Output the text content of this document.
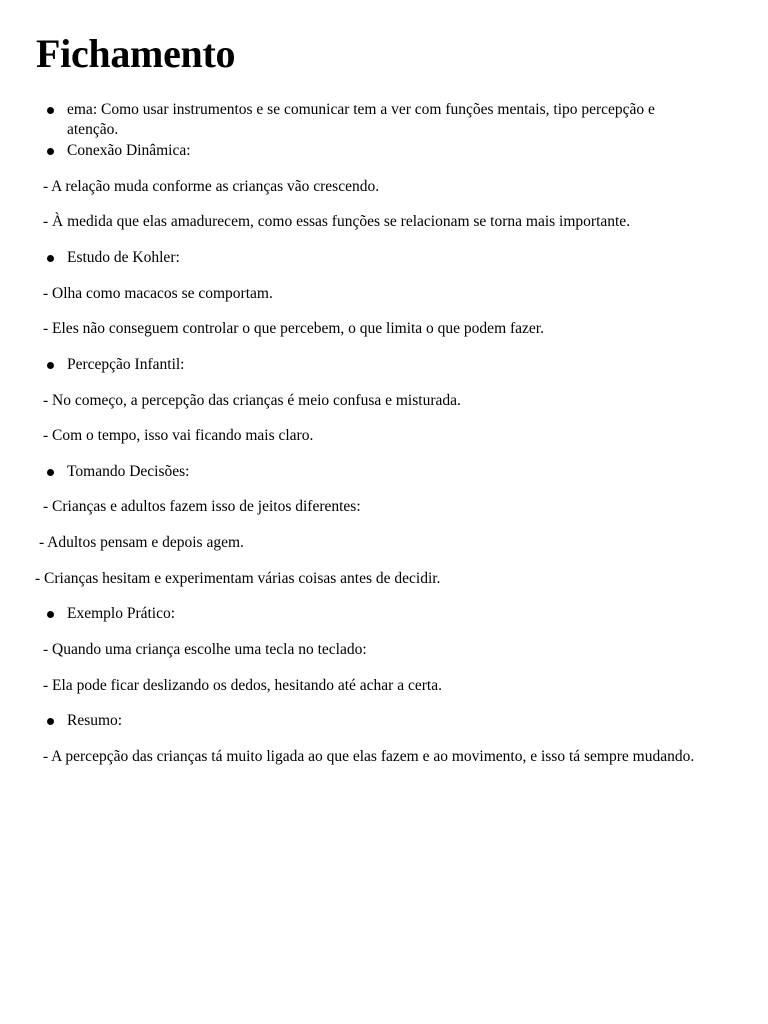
Fichamento
ema: Como usar instrumentos e se comunicar tem a ver com funções mentais, tipo percepção e atenção.
Conexão Dinâmica:
- A relação muda conforme as crianças vão crescendo.
- À medida que elas amadurecem, como essas funções se relacionam se torna mais importante.
Estudo de Kohler:
- Olha como macacos se comportam.
- Eles não conseguem controlar o que percebem, o que limita o que podem fazer.
Percepção Infantil:
- No começo, a percepção das crianças é meio confusa e misturada.
- Com o tempo, isso vai ficando mais claro.
Tomando Decisões:
- Crianças e adultos fazem isso de jeitos diferentes:
- Adultos pensam e depois agem.
- Crianças hesitam e experimentam várias coisas antes de decidir.
Exemplo Prático:
- Quando uma criança escolhe uma tecla no teclado:
- Ela pode ficar deslizando os dedos, hesitando até achar a certa.
Resumo:
- A percepção das crianças tá muito ligada ao que elas fazem e ao movimento, e isso tá sempre mudando.
